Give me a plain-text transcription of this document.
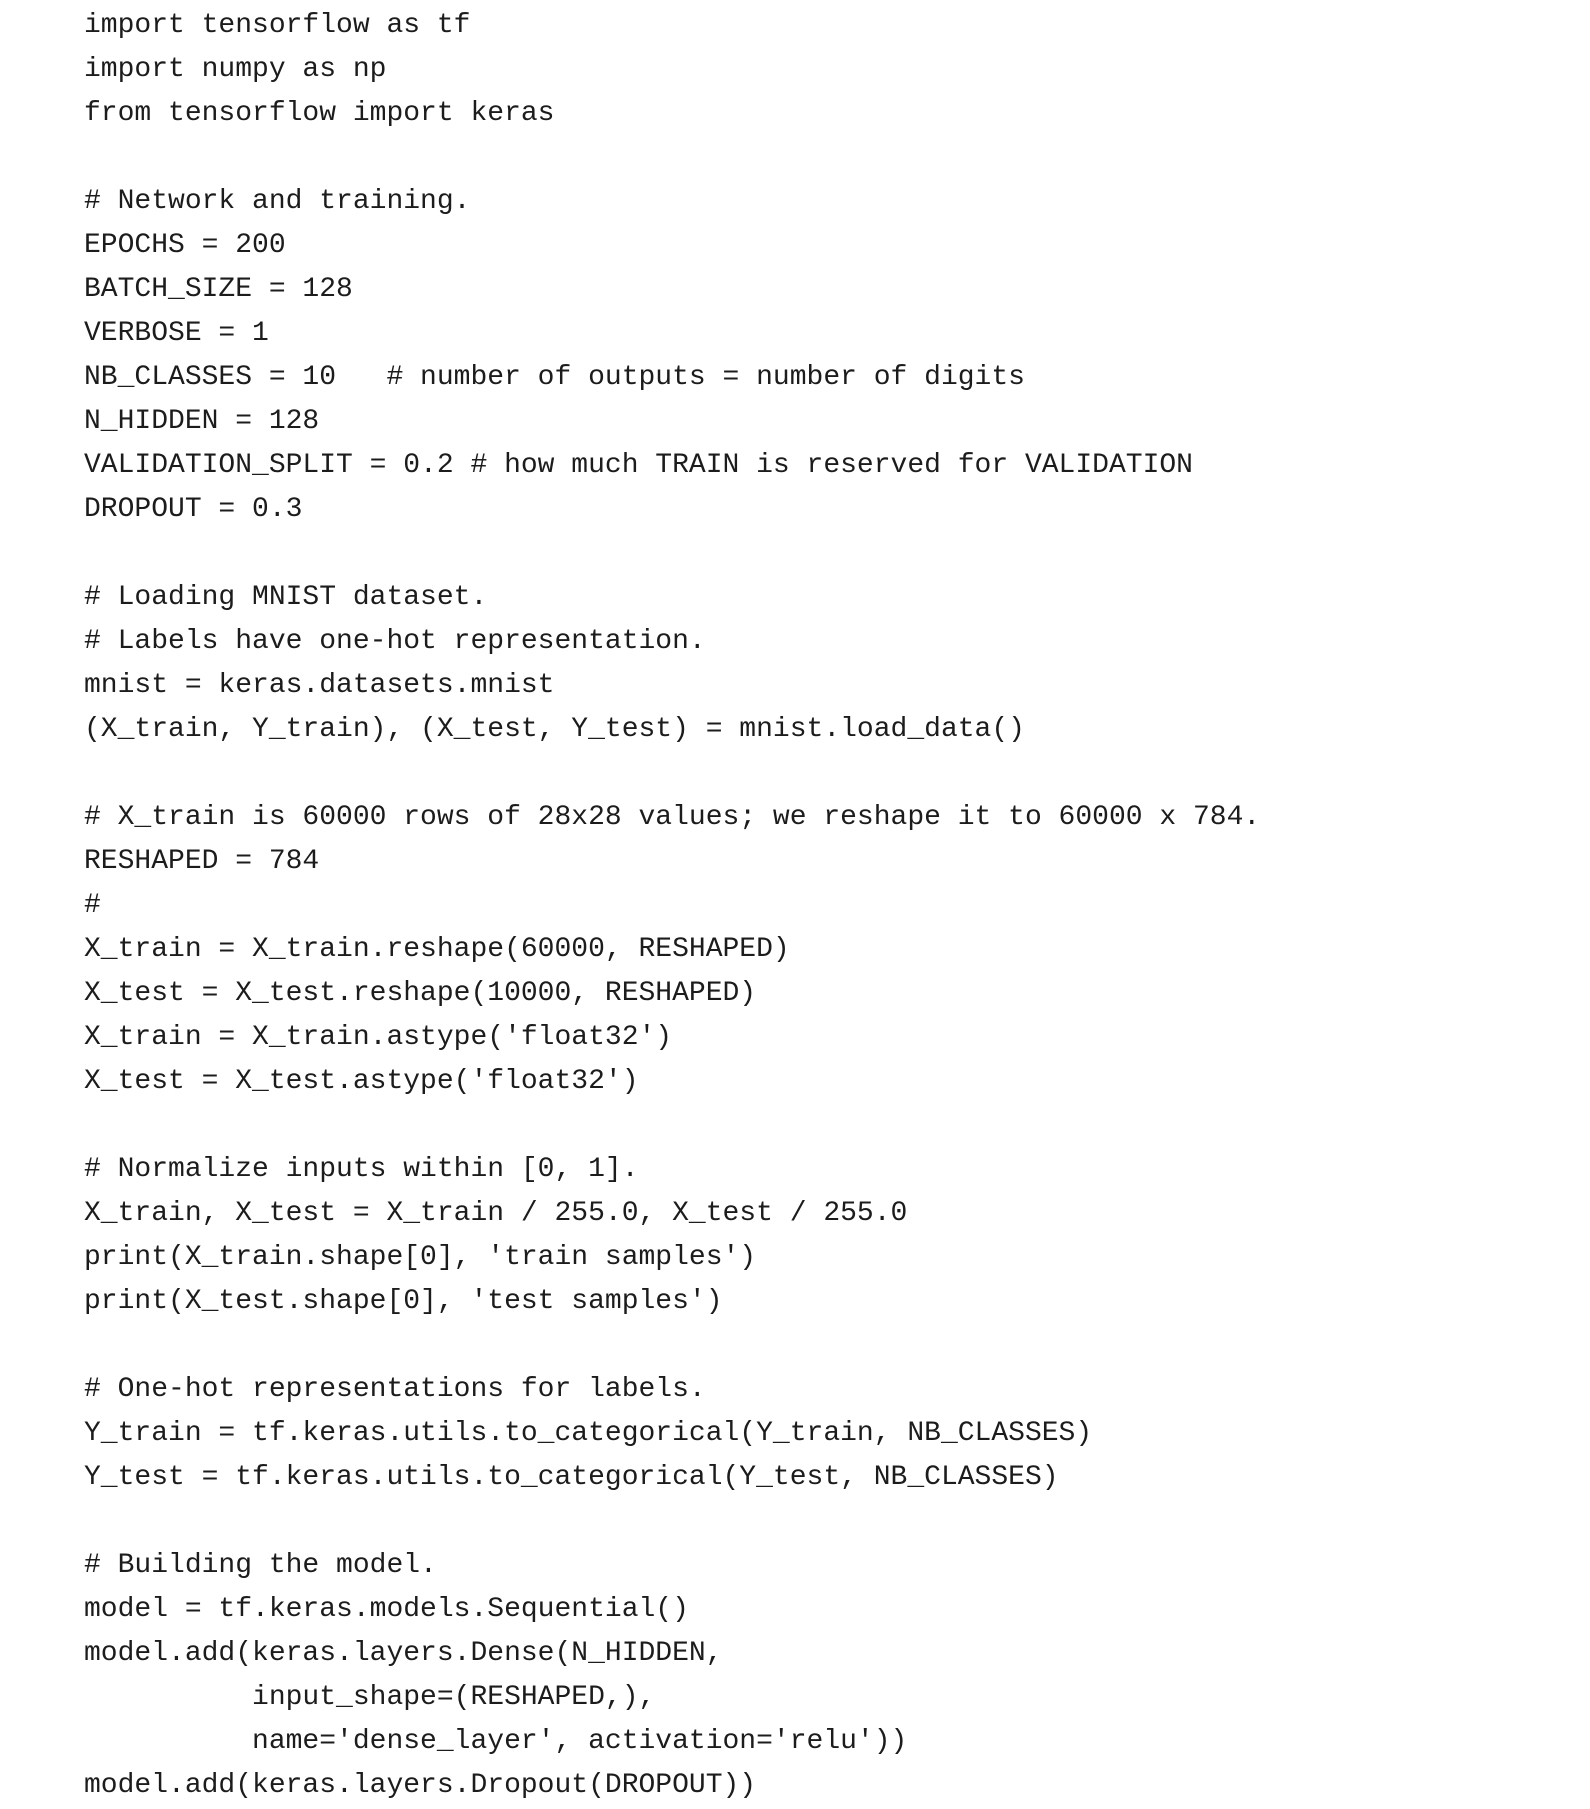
import tensorflow as tf
import numpy as np
from tensorflow import keras
# Network and training.
EPOCHS = 200
BATCH_SIZE = 128
VERBOSE = 1
NB_CLASSES = 10   # number of outputs = number of digits
N_HIDDEN = 128
VALIDATION_SPLIT = 0.2 # how much TRAIN is reserved for VALIDATION
DROPOUT = 0.3
# Loading MNIST dataset.
# Labels have one-hot representation.
mnist = keras.datasets.mnist
(X_train, Y_train), (X_test, Y_test) = mnist.load_data()
# X_train is 60000 rows of 28x28 values; we reshape it to 60000 x 784.
RESHAPED = 784
#
X_train = X_train.reshape(60000, RESHAPED)
X_test = X_test.reshape(10000, RESHAPED)
X_train = X_train.astype('float32')
X_test = X_test.astype('float32')
# Normalize inputs within [0, 1].
X_train, X_test = X_train / 255.0, X_test / 255.0
print(X_train.shape[0], 'train samples')
print(X_test.shape[0], 'test samples')
# One-hot representations for labels.
Y_train = tf.keras.utils.to_categorical(Y_train, NB_CLASSES)
Y_test = tf.keras.utils.to_categorical(Y_test, NB_CLASSES)
# Building the model.
model = tf.keras.models.Sequential()
model.add(keras.layers.Dense(N_HIDDEN,
input_shape=(RESHAPED,),
name='dense_layer', activation='relu'))
model.add(keras.layers.Dropout(DROPOUT))
